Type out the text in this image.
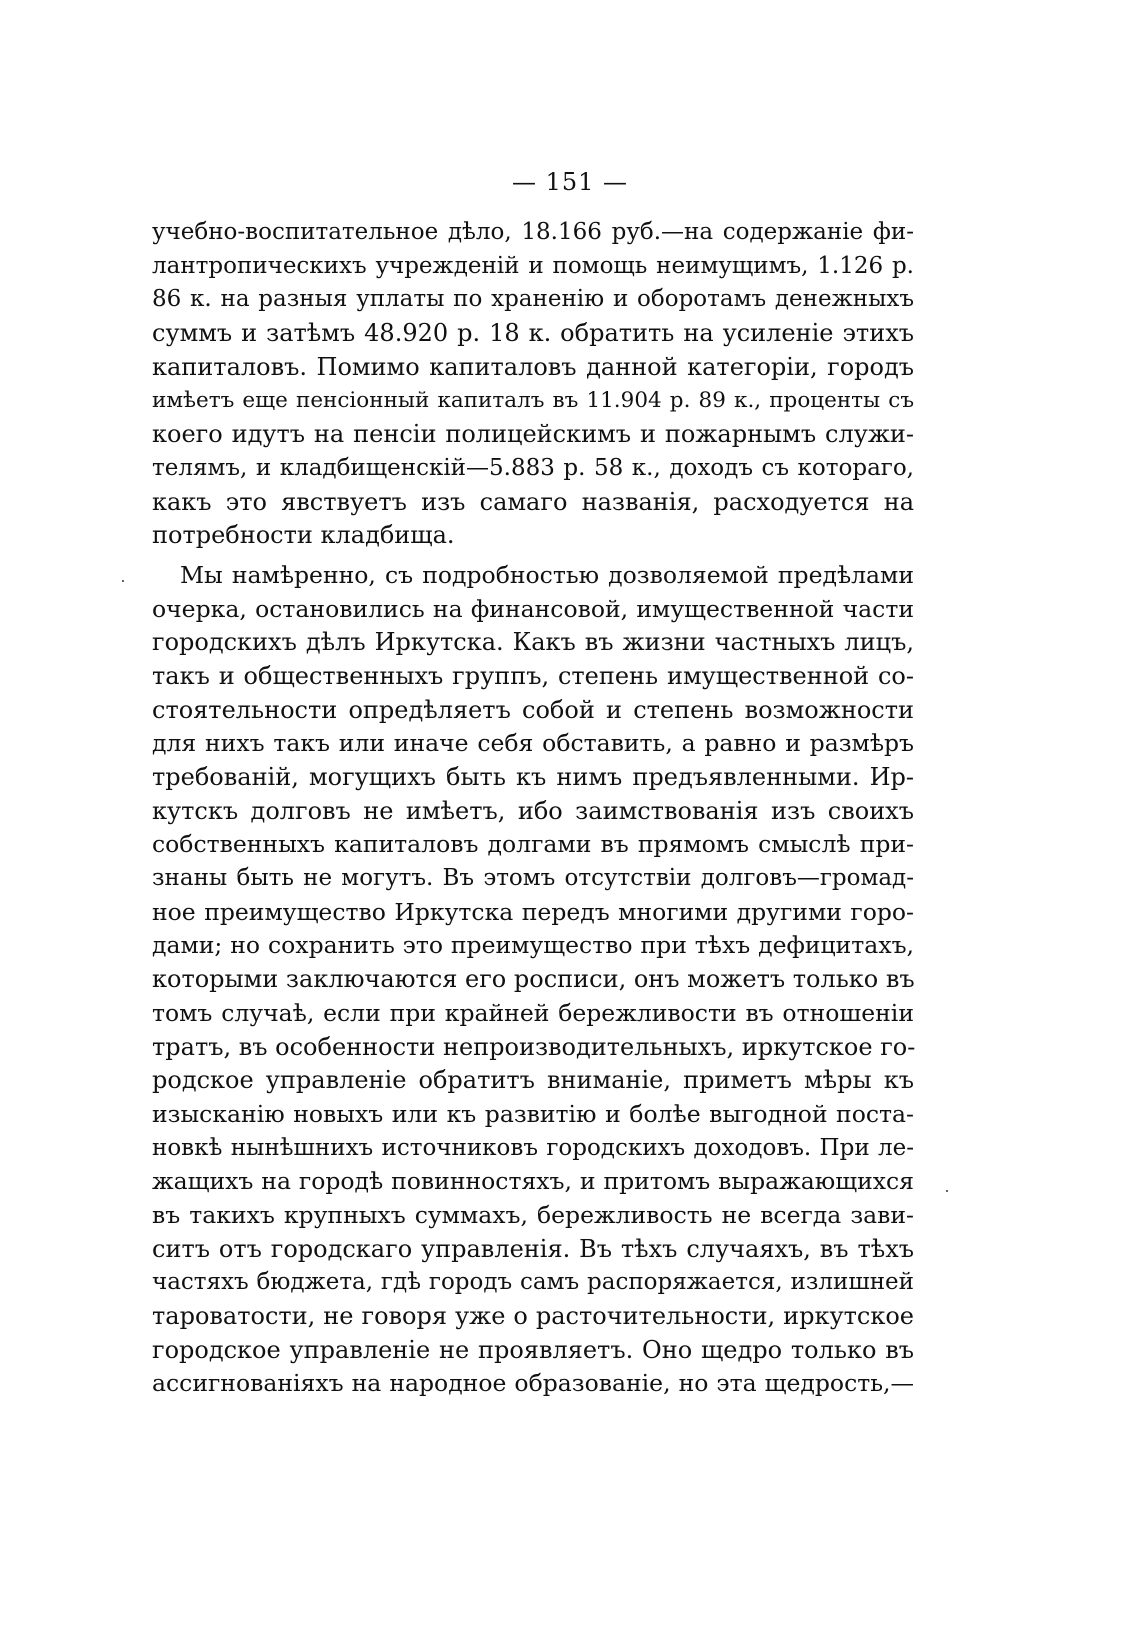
— 151 —
учебно-воспитательное дѣло, 18.166 руб.—на содержаніе фи-
лантропическихъ учрежденій и помощь неимущимъ, 1.126 р.
86 к. на разныя уплаты по храненію и оборотамъ денежныхъ
суммъ и затѣмъ 48.920 р. 18 к. обратить на усиленіе этихъ
капиталовъ. Помимо капиталовъ данной категоріи, городъ
имѣетъ еще пенсіонный капиталъ въ 11.904 р. 89 к., проценты съ
коего идутъ на пенсіи полицейскимъ и пожарнымъ служи-
телямъ, и кладбищенскій—5.883 р. 58 к., доходъ съ котораго,
какъ это явствуетъ изъ самаго названія, расходуется на
потребности кладбища.
Мы намѣренно, съ подробностью дозволяемой предѣлами
очерка, остановились на финансовой, имущественной части
городскихъ дѣлъ Иркутска. Какъ въ жизни частныхъ лицъ,
такъ и общественныхъ группъ, степень имущественной со-
стоятельности опредѣляетъ собой и степень возможности
для нихъ такъ или иначе себя обставить, а равно и размѣръ
требованій, могущихъ быть къ нимъ предъявленными. Ир-
кутскъ долговъ не имѣетъ, ибо заимствованія изъ своихъ
собственныхъ капиталовъ долгами въ прямомъ смыслѣ при-
знаны быть не могутъ. Въ этомъ отсутствіи долговъ—громад-
ное преимущество Иркутска передъ многими другими горо-
дами; но сохранить это преимущество при тѣхъ дефицитахъ,
которыми заключаются его росписи, онъ можетъ только въ
томъ случаѣ, если при крайней бережливости въ отношеніи
тратъ, въ особенности непроизводительныхъ, иркутское го-
родское управленіе обратитъ вниманіе, приметъ мѣры къ
изысканію новыхъ или къ развитію и болѣе выгодной поста-
новкѣ нынѣшнихъ источниковъ городскихъ доходовъ. При ле-
жащихъ на городѣ повинностяхъ, и притомъ выражающихся
въ такихъ крупныхъ суммахъ, бережливость не всегда зави-
ситъ отъ городскаго управленія. Въ тѣхъ случаяхъ, въ тѣхъ
частяхъ бюджета, гдѣ городъ самъ распоряжается, излишней
тароватости, не говоря уже о расточительности, иркутское
городское управленіе не проявляетъ. Оно щедро только въ
ассигнованіяхъ на народное образованіе, но эта щедрость,—
